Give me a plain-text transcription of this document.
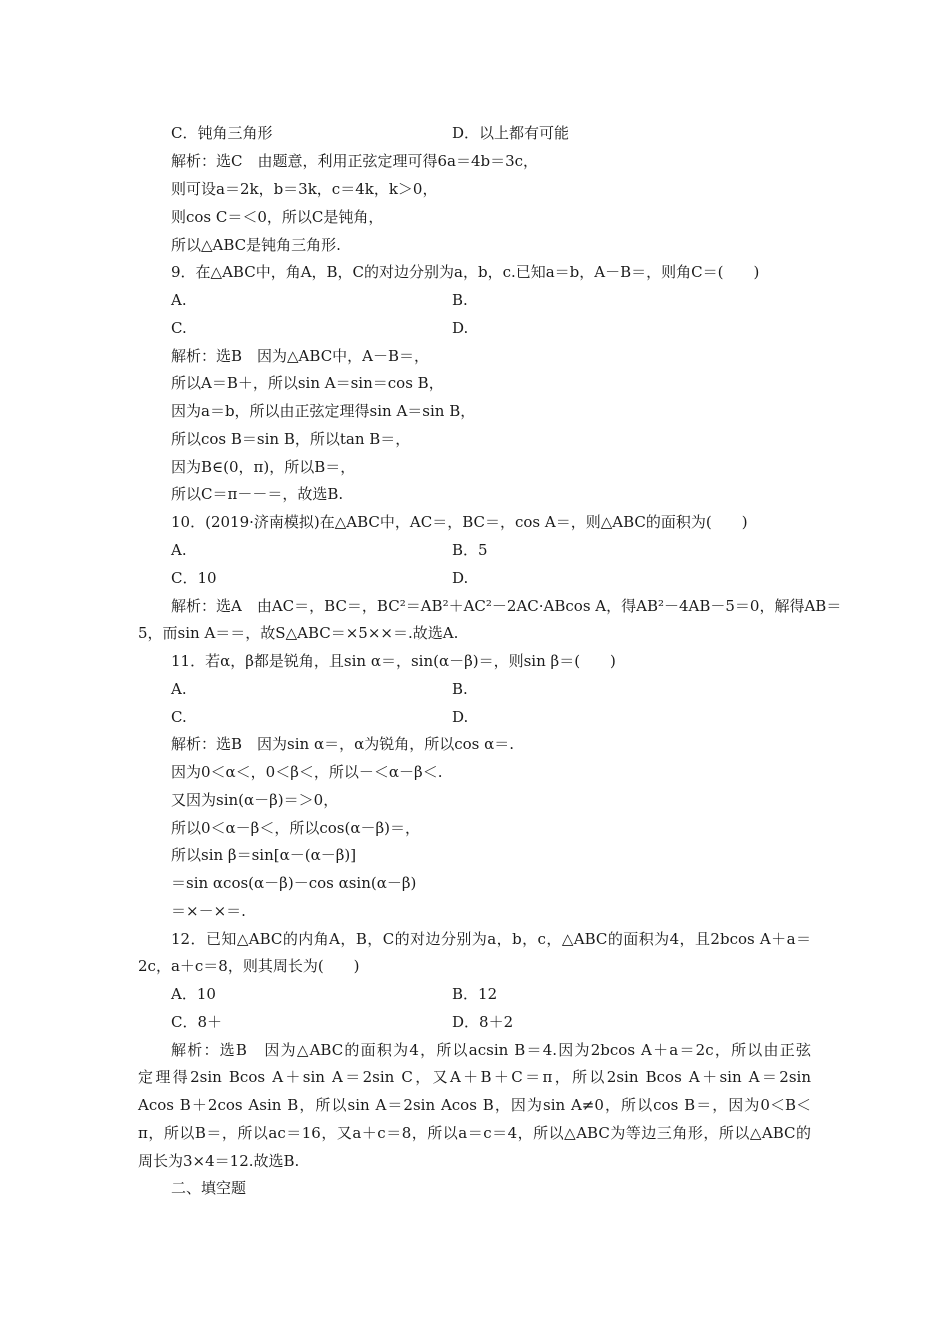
C．钝角三角形	D．以上都有可能
解析：选C　由题意，利用正弦定理可得6a＝4b＝3c，
则可设a＝2k，b＝3k，c＝4k，k＞0，
则cos C＝＜0，所以C是钝角，
所以△ABC是钝角三角形.
9．在△ABC中，角A，B，C的对边分别为a，b，c.已知a＝b，A－B＝，则角C＝(　　)
A.	B.
C.	D.
解析：选B　因为△ABC中，A－B＝，
所以A＝B＋，所以sin A＝sin＝cos B，
因为a＝b，所以由正弦定理得sin A＝sin B，
所以cos B＝sin B，所以tan B＝，
因为B∈(0，π)，所以B＝，
所以C＝π－－＝，故选B.
10．(2019·济南模拟)在△ABC中，AC＝，BC＝，cos A＝，则△ABC的面积为(　　)
A.	B．5
C．10	D.
解析：选A　由AC＝，BC＝，BC²＝AB²＋AC²－2AC·ABcos A，得AB²－4AB－5＝0，解得AB＝
5，而sin A＝＝，故S△ABC＝×5××＝.故选A.
11．若α，β都是锐角，且sin α＝，sin(α－β)＝，则sin β＝(　　)
A.	B.
C.	D.
解析：选B　因为sin α＝，α为锐角，所以cos α＝.
因为0＜α＜，0＜β＜，所以－＜α－β＜.
又因为sin(α－β)＝＞0，
所以0＜α－β＜，所以cos(α－β)＝，
所以sin β＝sin[α－(α－β)]
＝sin αcos(α－β)－cos αsin(α－β)
＝×－×＝.
12．已知△ABC的内角A，B，C的对边分别为a，b，c，△ABC的面积为4，且2bcos A＋a＝
2c，a＋c＝8，则其周长为(　　)
A．10	B．12
C．8＋	D．8＋2
解析：选B　因为△ABC的面积为4，所以acsin B＝4.因为2bcos A＋a＝2c，所以由正弦
定理得2sin Bcos A＋sin A＝2sin C，又A＋B＋C＝π，所以2sin Bcos A＋sin A＝2sin
Acos B＋2cos Asin B，所以sin A＝2sin Acos B，因为sin A≠0，所以cos B＝，因为0＜B＜
π，所以B＝，所以ac＝16，又a＋c＝8，所以a＝c＝4，所以△ABC为等边三角形，所以△ABC的
周长为3×4＝12.故选B.
二、填空题
